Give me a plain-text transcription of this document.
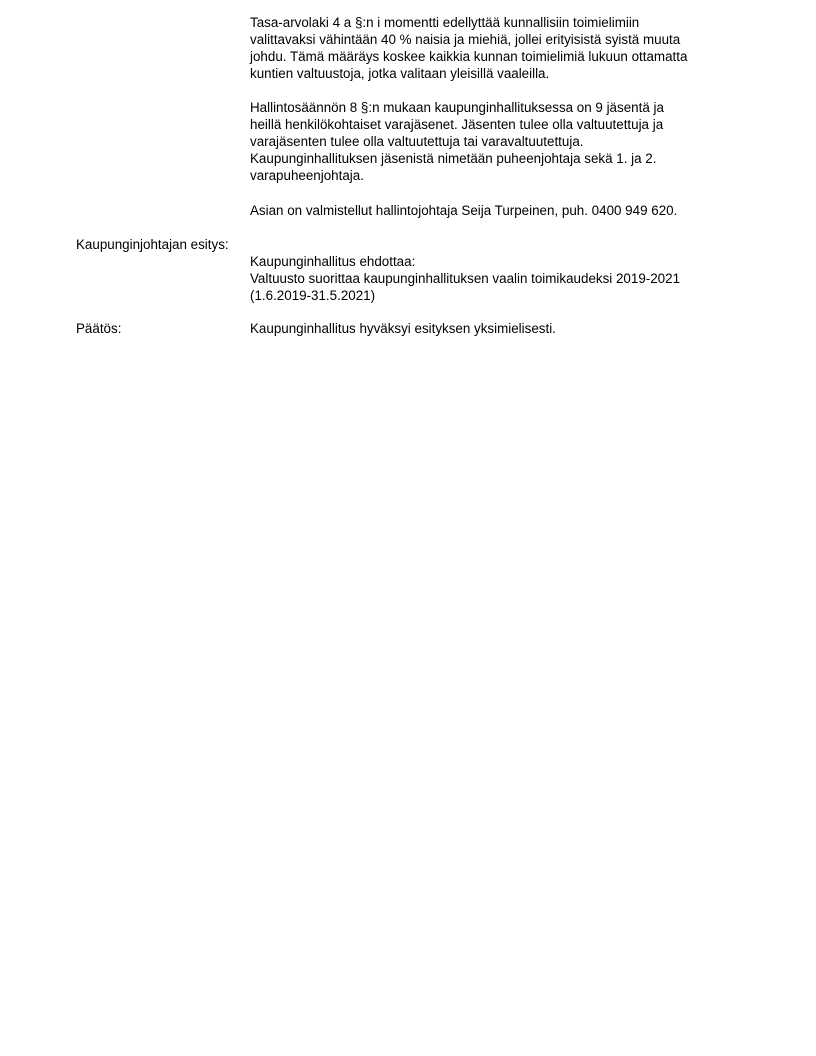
Tasa-arvolaki 4 a §:n i momentti edellyttää kunnallisiin toimielimiin
valittavaksi vähintään 40 % naisia ja miehiä, jollei erityisistä syistä muuta
johdu. Tämä määräys koskee kaikkia kunnan toimielimiä lukuun ottamatta
kuntien valtuustoja, jotka valitaan yleisillä vaaleilla.
Hallintosäännön 8 §:n mukaan kaupunginhallituksessa on 9 jäsentä ja
heillä henkilökohtaiset varajäsenet. Jäsenten tulee olla valtuutettuja ja
varajäsenten tulee olla valtuutettuja tai varavaltuutettuja.
Kaupunginhallituksen jäsenistä nimetään puheenjohtaja sekä 1. ja 2.
varapuheenjohtaja.
Asian on valmistellut hallintojohtaja Seija Turpeinen, puh. 0400 949 620.

Kaupunginjohtajan esitys:

Kaupunginhallitus ehdottaa:
Valtuusto suorittaa kaupunginhallituksen vaalin toimikaudeksi 2019-2021
(1.6.2019-31.5.2021)

Päätös:	Kaupunginhallitus hyväksyi esityksen yksimielisesti.
